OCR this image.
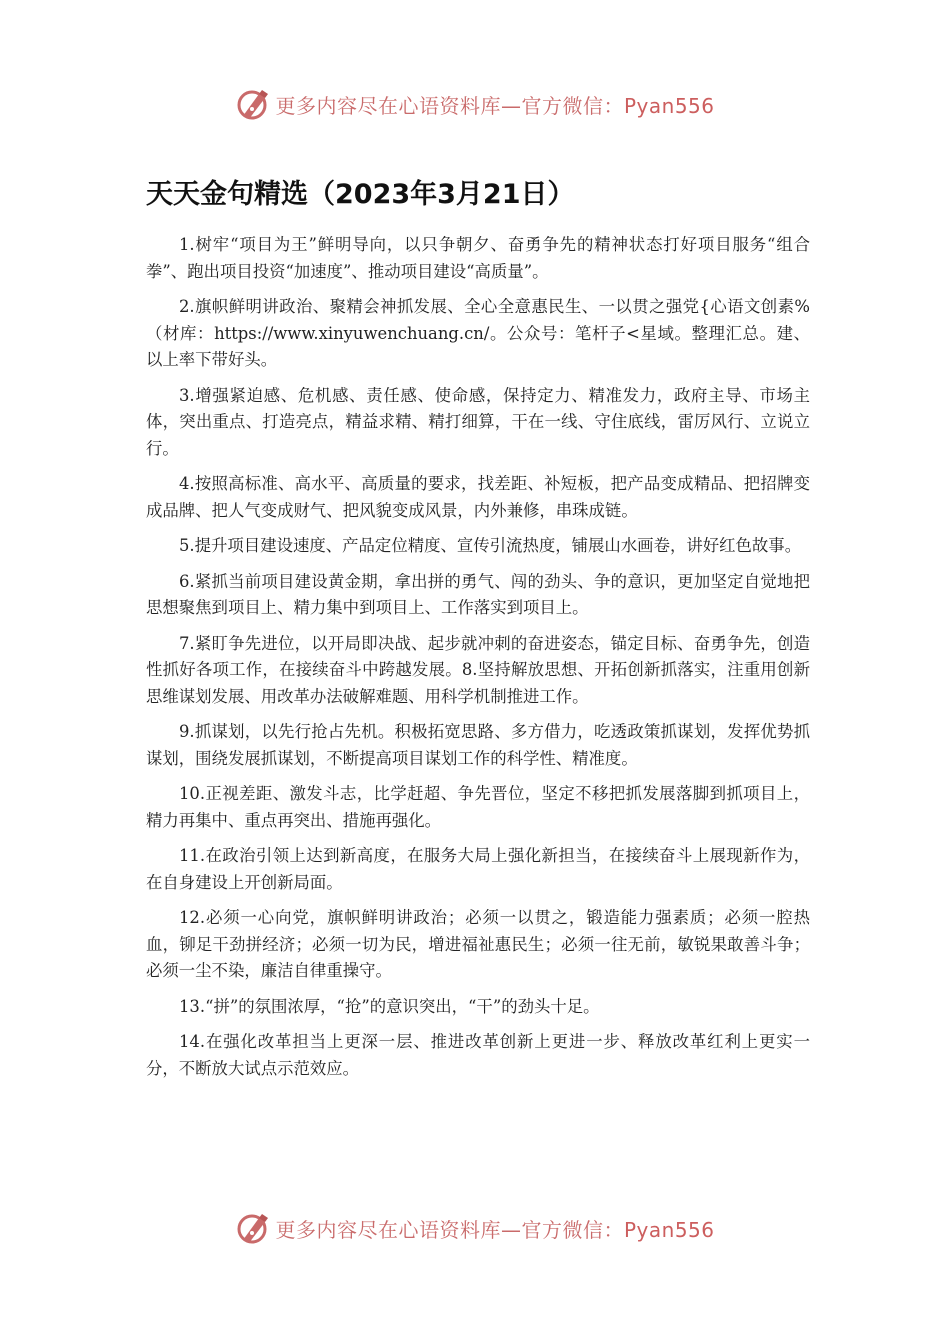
更多内容尽在心语资料库—官方微信：Pyan556
天天金句精选（2023年3月21日）

1.树牢“项目为王”鲜明导向，以只争朝夕、奋勇争先的精神状态打好项目服务“组合拳”、跑出项目投资“加速度”、推动项目建设“高质量”。

2.旗帜鲜明讲政治、聚精会神抓发展、全心全意惠民生、一以贯之强党{心语文创素%（材库：https://www.xinyuwenchuang.cn/。公众号：笔杆子<星域。整理汇总。建、以上率下带好头。

3.增强紧迫感、危机感、责任感、使命感，保持定力、精准发力，政府主导、市场主体，突出重点、打造亮点，精益求精、精打细算，干在一线、守住底线，雷厉风行、立说立行。

4.按照高标准、高水平、高质量的要求，找差距、补短板，把产品变成精品、把招牌变成品牌、把人气变成财气、把风貌变成风景，内外兼修，串珠成链。

5.提升项目建设速度、产品定位精度、宣传引流热度，铺展山水画卷，讲好红色故事。

6.紧抓当前项目建设黄金期，拿出拼的勇气、闯的劲头、争的意识，更加坚定自觉地把思想聚焦到项目上、精力集中到项目上、工作落实到项目上。

7.紧盯争先进位，以开局即决战、起步就冲刺的奋进姿态，锚定目标、奋勇争先，创造性抓好各项工作，在接续奋斗中跨越发展。8.坚持解放思想、开拓创新抓落实，注重用创新思维谋划发展、用改革办法破解难题、用科学机制推进工作。

9.抓谋划，以先行抢占先机。积极拓宽思路、多方借力，吃透政策抓谋划，发挥优势抓谋划，围绕发展抓谋划，不断提高项目谋划工作的科学性、精准度。

10.正视差距、激发斗志，比学赶超、争先晋位，坚定不移把抓发展落脚到抓项目上，精力再集中、重点再突出、措施再强化。

11.在政治引领上达到新高度，在服务大局上强化新担当，在接续奋斗上展现新作为，在自身建设上开创新局面。

12.必须一心向党，旗帜鲜明讲政治；必须一以贯之，锻造能力强素质；必须一腔热血，铆足干劲拼经济；必须一切为民，增进福祉惠民生；必须一往无前，敏锐果敢善斗争；必须一尘不染，廉洁自律重操守。

13.“拼”的氛围浓厚，“抢”的意识突出，“干”的劲头十足。

14.在强化改革担当上更深一层、推进改革创新上更进一步、释放改革红利上更实一分，不断放大试点示范效应。

更多内容尽在心语资料库—官方微信：Pyan556
